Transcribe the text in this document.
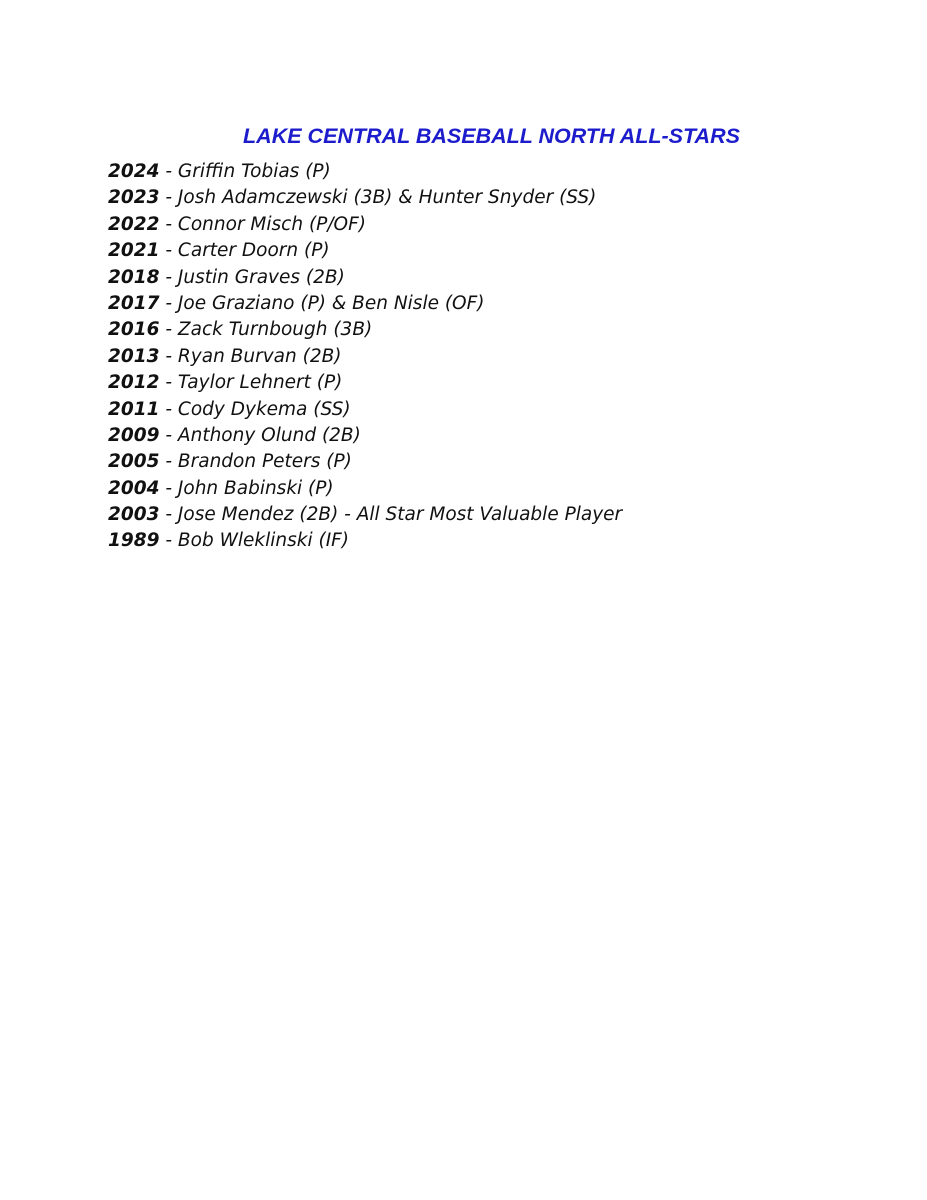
LAKE CENTRAL BASEBALL NORTH ALL-STARS
2024 - Griffin Tobias (P)
2023 - Josh Adamczewski (3B) & Hunter Snyder (SS)
2022 - Connor Misch (P/OF)
2021 - Carter Doorn (P)
2018 - Justin Graves (2B)
2017 - Joe Graziano (P) & Ben Nisle (OF)
2016 - Zack Turnbough (3B)
2013 - Ryan Burvan (2B)
2012 - Taylor Lehnert (P)
2011 - Cody Dykema (SS)
2009 - Anthony Olund (2B)
2005 - Brandon Peters (P)
2004 - John Babinski (P)
2003 - Jose Mendez (2B) - All Star Most Valuable Player
1989 - Bob Wleklinski (IF)
